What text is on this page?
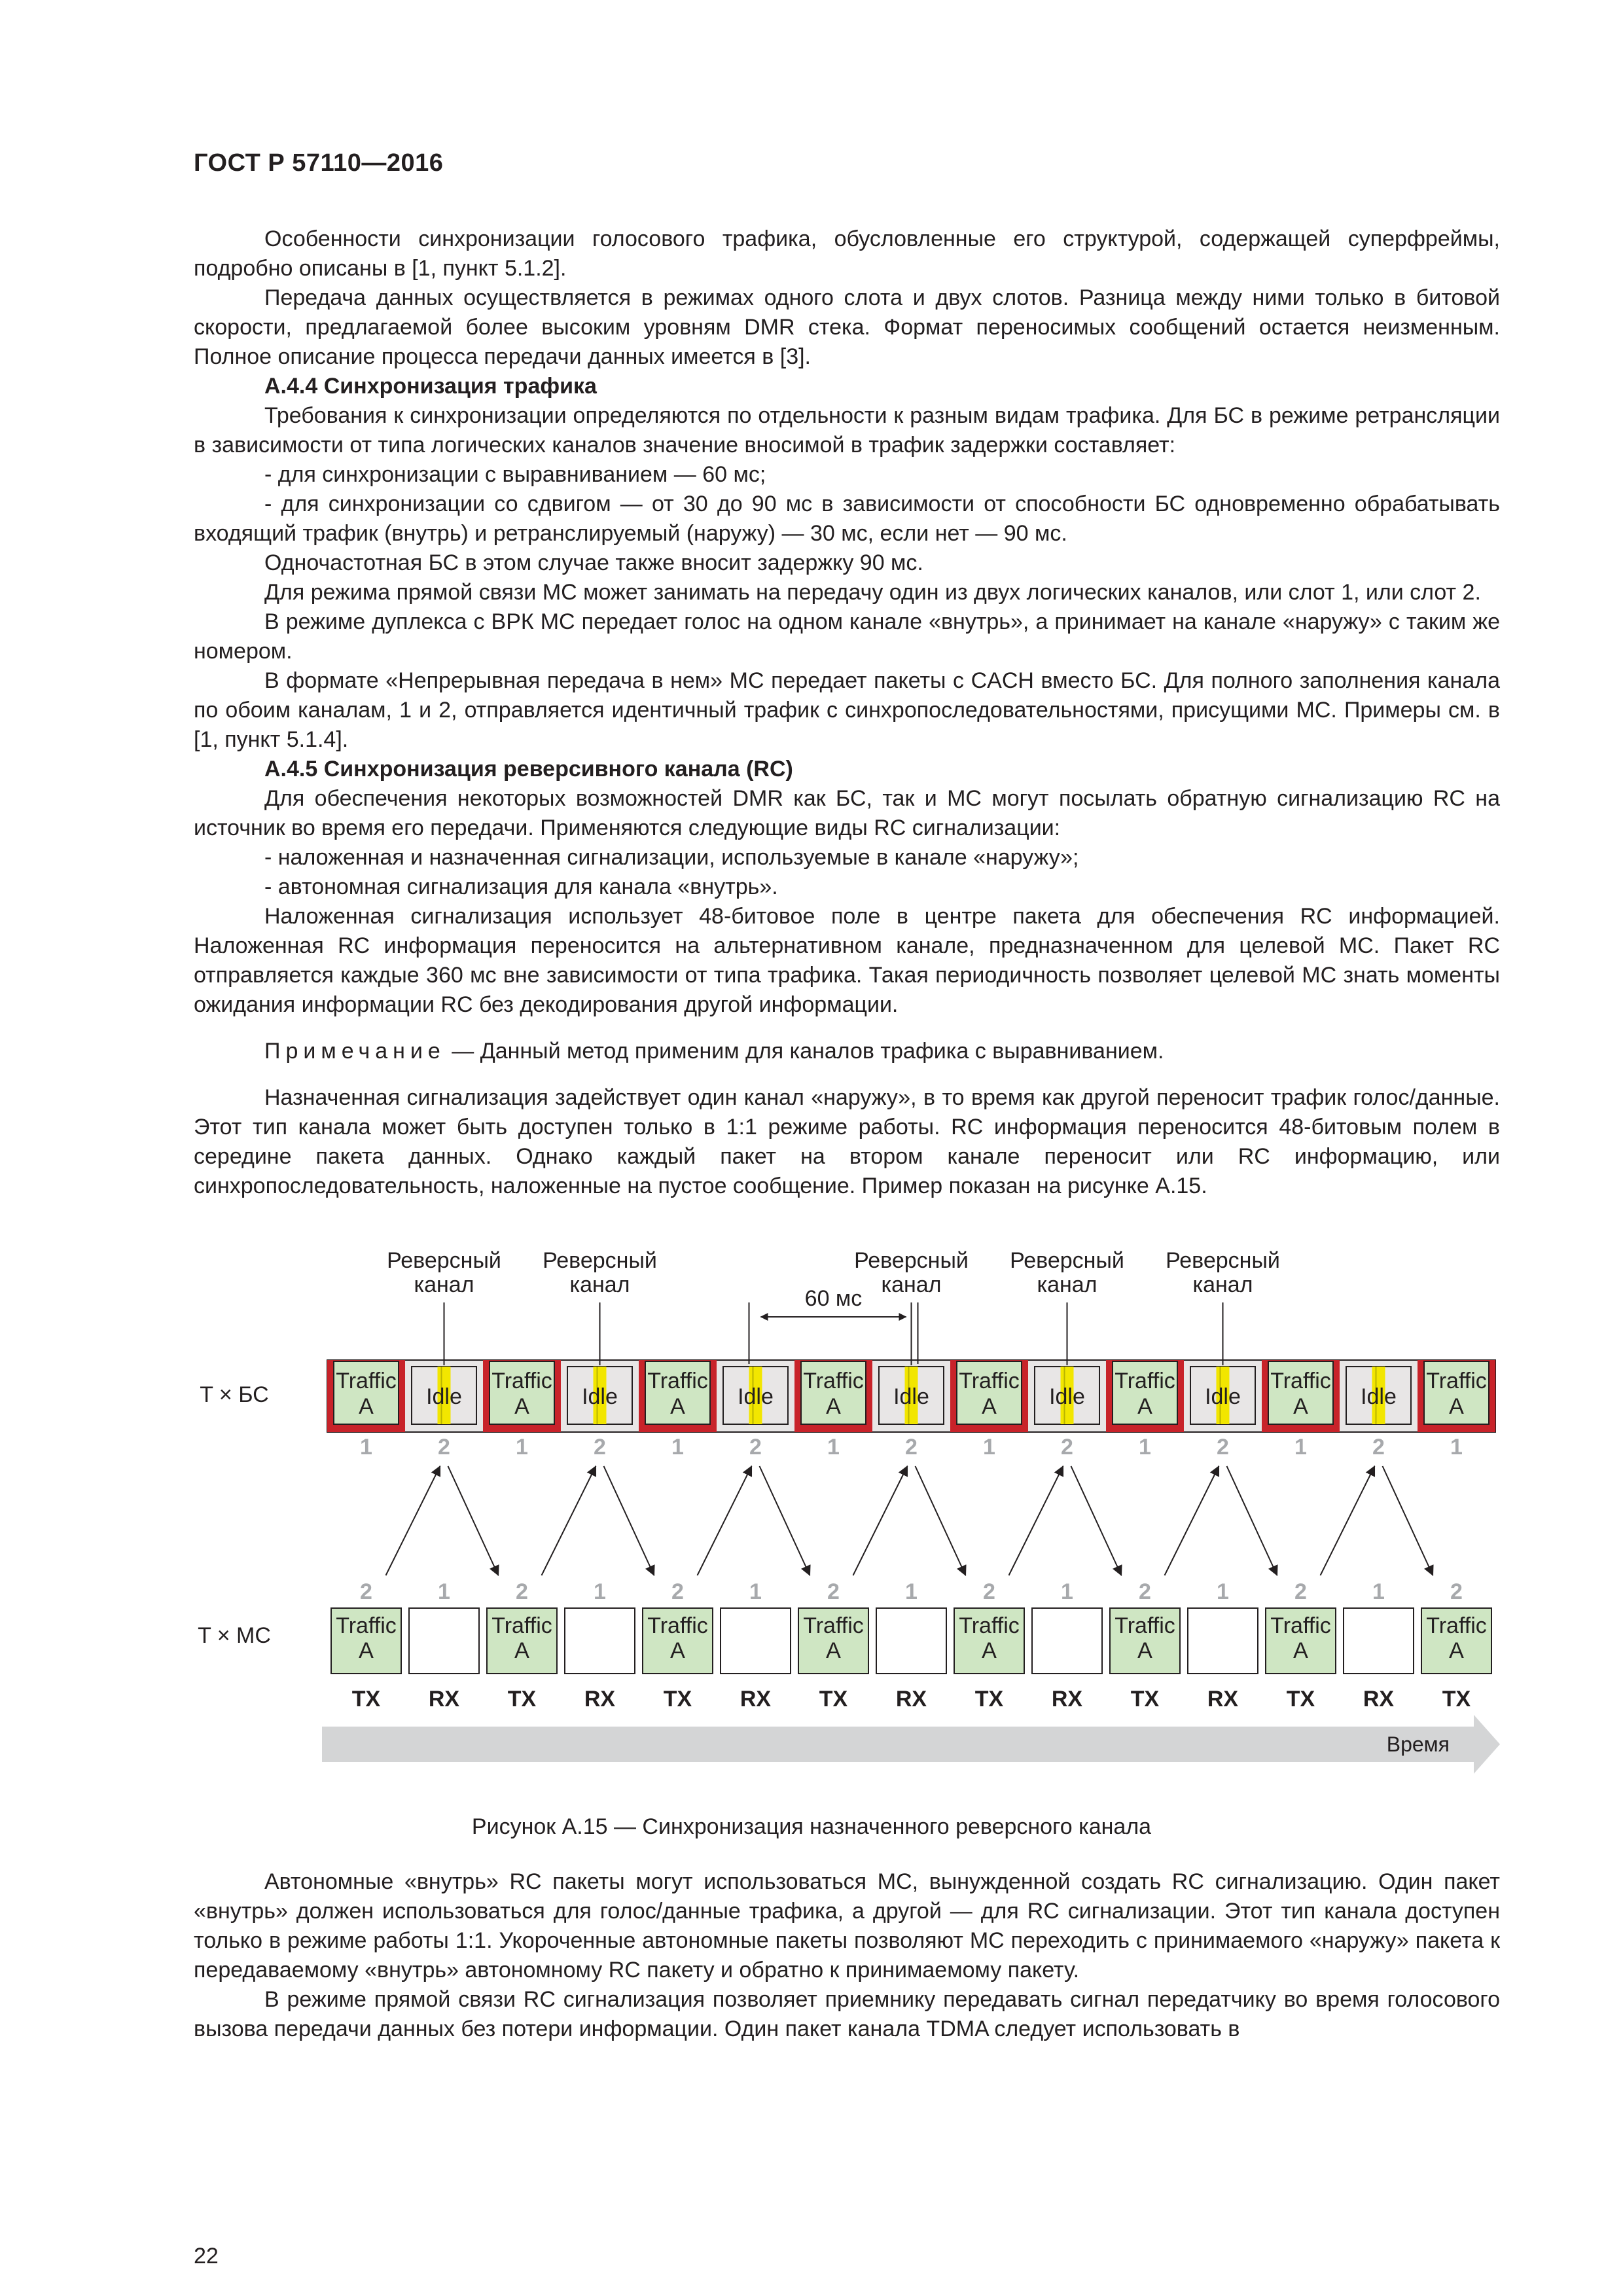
ГОСТ Р 57110—2016

Особенности синхронизации голосового трафика, обусловленные его структурой, содержащей суперфреймы, подробно описаны в [1, пункт 5.1.2].

Передача данных осуществляется в режимах одного слота и двух слотов. Разница между ними только в битовой скорости, предлагаемой более высоким уровням DMR стека. Формат переносимых сообщений остается неизменным. Полное описание процесса передачи данных имеется в [3].

А.4.4 Синхронизация трафика

Требования к синхронизации определяются по отдельности к разным видам трафика. Для БС в режиме ретрансляции в зависимости от типа логических каналов значение вносимой в трафик задержки составляет:

- для синхронизации с выравниванием — 60 мс;

- для синхронизации со сдвигом — от 30 до 90 мс в зависимости от способности БС одновременно обрабатывать входящий трафик (внутрь) и ретранслируемый (наружу) — 30 мс, если нет — 90 мс.

Одночастотная БС в этом случае также вносит задержку 90 мс.

Для режима прямой связи МС может занимать на передачу один из двух логических каналов, или слот 1, или слот 2.

В режиме дуплекса с ВРК МС передает голос на одном канале «внутрь», а принимает на канале «наружу» с таким же номером.

В формате «Непрерывная передача в нем» МС передает пакеты с CACH вместо БС. Для полного заполнения канала по обоим каналам, 1 и 2, отправляется идентичный трафик с синхропоследовательностями, присущими МС. Примеры см. в [1, пункт 5.1.4].

А.4.5 Синхронизация реверсивного канала (RC)

Для обеспечения некоторых возможностей DMR как БС, так и МС могут посылать обратную сигнализацию RC на источник во время его передачи. Применяются следующие виды RC сигнализации:

- наложенная и назначенная сигнализации, используемые в канале «наружу»;

- автономная сигнализация для канала «внутрь».

Наложенная сигнализация использует 48-битовое поле в центре пакета для обеспечения RC информацией. Наложенная RC информация переносится на альтернативном канале, предназначенном для целевой МС. Пакет RC отправляется каждые 360 мс вне зависимости от типа трафика. Такая периодичность позволяет целевой МС знать моменты ожидания информации RC без декодирования другой информации.

Примечание — Данный метод применим для каналов трафика с выравниванием.

Назначенная сигнализация задействует один канал «наружу», в то время как другой переносит трафик голос/данные. Этот тип канала может быть доступен только в 1:1 режиме работы. RC информация переносится 48-битовым полем в середине пакета данных. Однако каждый пакет на втором канале переносит или RC информацию, или синхропоследовательность, наложенные на пустое сообщение. Пример показан на рисунке А.15.

T × БС
T × МС
Traffic
A
1
Idle
2
Traffic
A
1
Idle
2
Traffic
A
1
Idle
2
Traffic
A
1
Idle
2
Traffic
A
1
Idle
2
Traffic
A
1
Idle
2
Traffic
A
1
Idle
2
Traffic
A
1
Реверсный
канал
Реверсный
канал
Реверсный
канал
Реверсный
канал
Реверсный
канал
60 мс
Traffic
A
2
TX
1
RX
Traffic
A
2
TX
1
RX
Traffic
A
2
TX
1
RX
Traffic
A
2
TX
1
RX
Traffic
A
2
TX
1
RX
Traffic
A
2
TX
1
RX
Traffic
A
2
TX
1
RX
Traffic
A
2
TX
Время
Рисунок А.15 — Синхронизация назначенного реверсного канала

Автономные «внутрь» RC пакеты могут использоваться МС, вынужденной создать RC сигнализацию. Один пакет «внутрь» должен использоваться для голос/данные трафика, а другой — для RC сигнализации. Этот тип канала доступен только в режиме работы 1:1. Укороченные автономные пакеты позволяют МС переходить с принимаемого «наружу» пакета к передаваемому «внутрь» автономному RC пакету и обратно к принимаемому пакету.

В режиме прямой связи RC сигнализация позволяет приемнику передавать сигнал передатчику во время голосового вызова передачи данных без потери информации. Один пакет канала TDMA следует использовать в

22
